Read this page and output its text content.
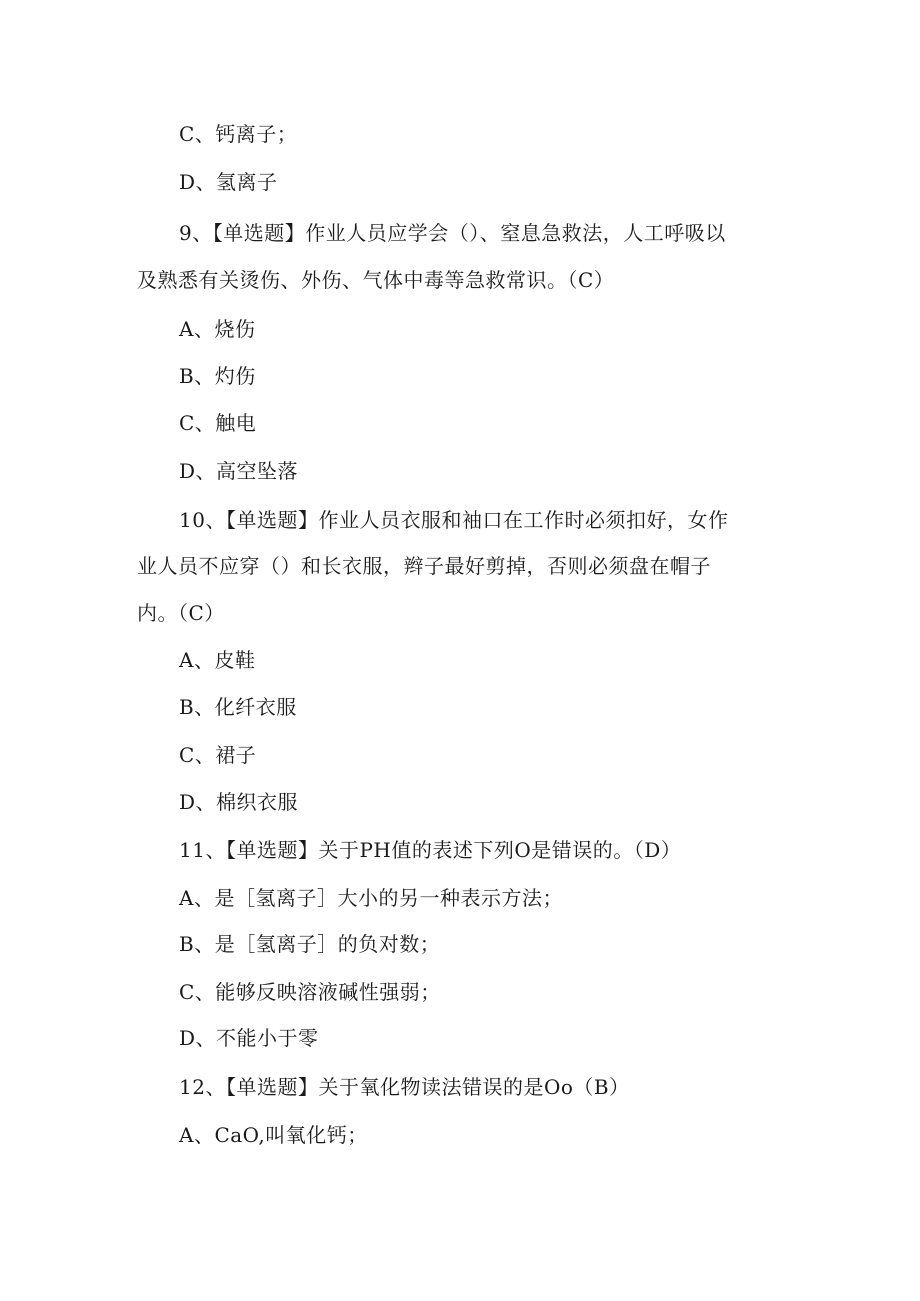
C、钙离子；
D、氢离子
9、【单选题】作业人员应学会（）、窒息急救法，人工呼吸以
及熟悉有关烫伤、外伤、气体中毒等急救常识。（C）
A、烧伤
B、灼伤
C、触电
D、高空坠落
10、【单选题】作业人员衣服和袖口在工作时必须扣好，女作
业人员不应穿（）和长衣服，辫子最好剪掉，否则必须盘在帽子
内。（C）
A、皮鞋
B、化纤衣服
C、裙子
D、棉织衣服
11、【单选题】关于PH值的表述下列O是错误的。（D）
A、是［氢离子］大小的另一种表示方法；
B、是［氢离子］的负对数；
C、能够反映溶液碱性强弱；
D、不能小于零
12、【单选题】关于氧化物读法错误的是Oo（B）
A、CaO,叫氧化钙；
